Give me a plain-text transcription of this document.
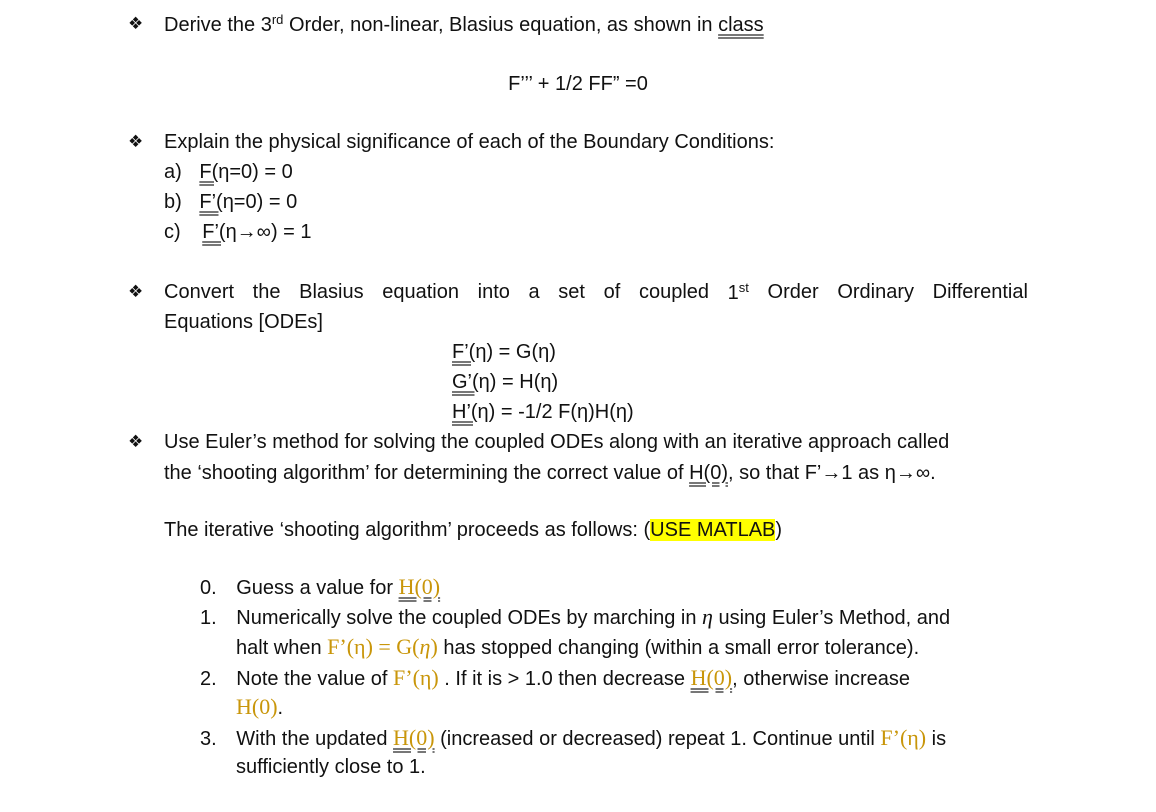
❖ Derive the 3rd Order, non-linear, Blasius equation, as shown in class
F’’’ + 1/2 FF” =0
❖ Explain the physical significance of each of the Boundary Conditions:
a) F(η=0) = 0
b) F’(η=0) = 0
c) F’(η→∞) = 1
❖ Convert the Blasius equation into a set of coupled 1st Order Ordinary Differential
Equations [ODEs]
F’(η) = G(η)
G’(η) = H(η)
H’(η) = -1/2 F(η)H(η)
❖ Use Euler’s method for solving the coupled ODEs along with an iterative approach called
the ‘shooting algorithm’ for determining the correct value of H(0), so that F’→1 as η→∞.
The iterative ‘shooting algorithm’ proceeds as follows: (USE MATLAB)
0. Guess a value for H(0)
1. Numerically solve the coupled ODEs by marching in η using Euler’s Method, and
halt when F’(η) = G(η) has stopped changing (within a small error tolerance).
2. Note the value of F’(η) . If it is > 1.0 then decrease H(0), otherwise increase
H(0).
3. With the updated H(0) (increased or decreased) repeat 1. Continue until F’(η) is
sufficiently close to 1.
